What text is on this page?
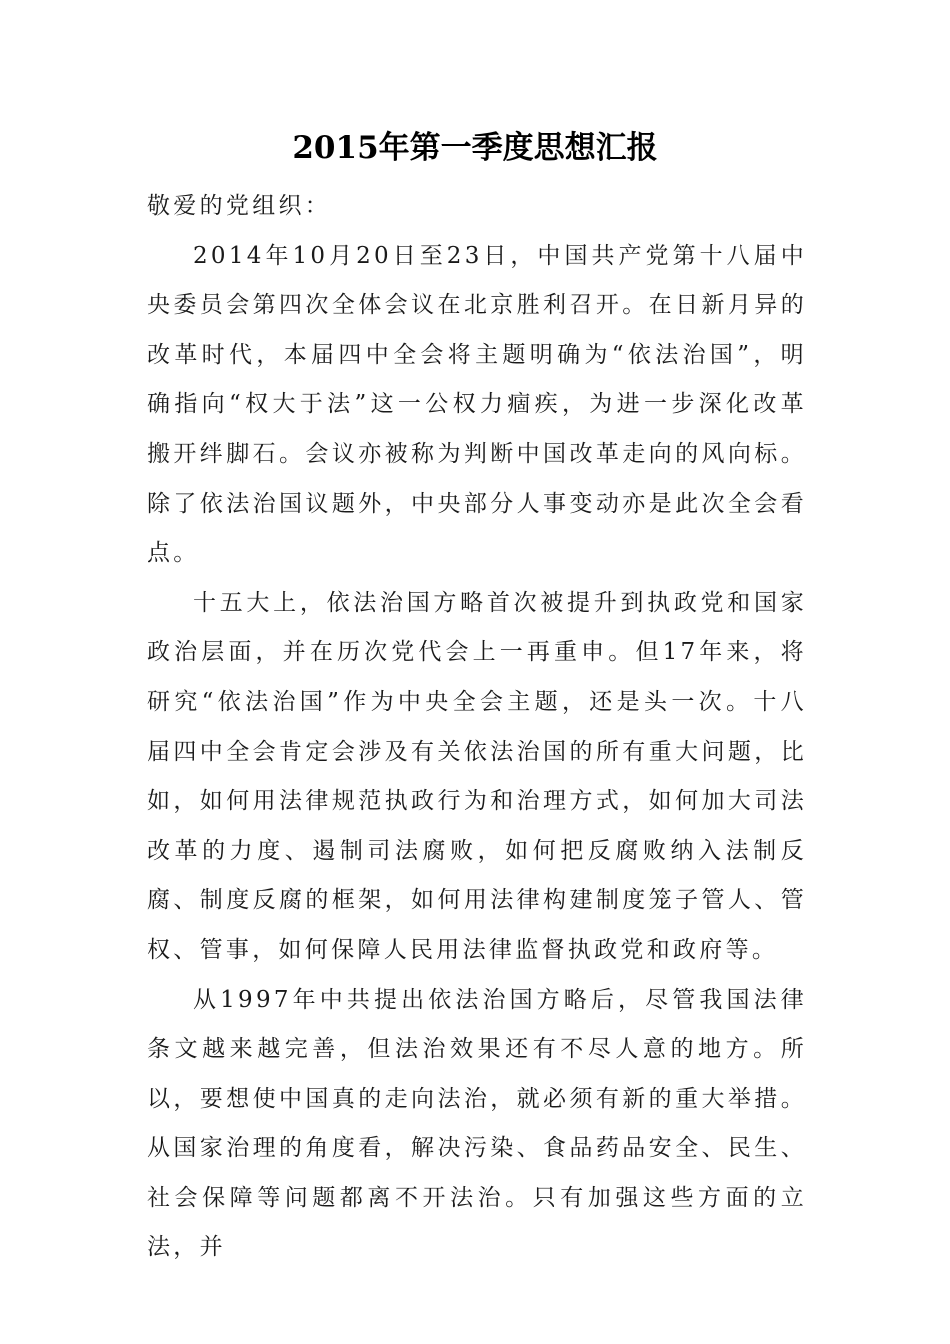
2015年第一季度思想汇报

敬爱的党组织：

2014年10月20日至23日，中国共产党第十八届中央委员会第四次全体会议在北京胜利召开。在日新月异的改革时代，本届四中全会将主题明确为“依法治国”，明确指向“权大于法”这一公权力痼疾，为进一步深化改革搬开绊脚石。会议亦被称为判断中国改革走向的风向标。除了依法治国议题外，中央部分人事变动亦是此次全会看点。

十五大上，依法治国方略首次被提升到执政党和国家政治层面，并在历次党代会上一再重申。但17年来，将研究“依法治国”作为中央全会主题，还是头一次。十八届四中全会肯定会涉及有关依法治国的所有重大问题，比如，如何用法律规范执政行为和治理方式，如何加大司法改革的力度、遏制司法腐败，如何把反腐败纳入法制反腐、制度反腐的框架，如何用法律构建制度笼子管人、管权、管事，如何保障人民用法律监督执政党和政府等。

从1997年中共提出依法治国方略后，尽管我国法律条文越来越完善，但法治效果还有不尽人意的地方。所以，要想使中国真的走向法治，就必须有新的重大举措。从国家治理的角度看，解决污染、食品药品安全、民生、社会保障等问题都离不开法治。只有加强这些方面的立法，并
